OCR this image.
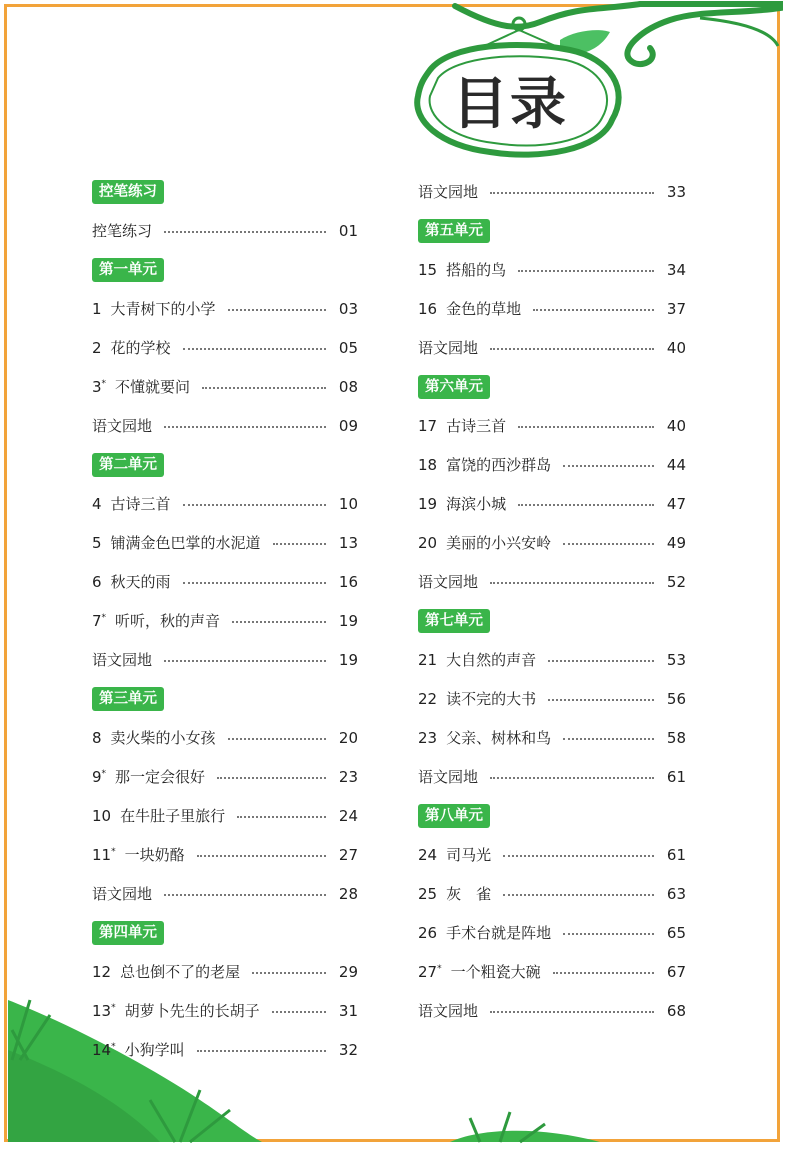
目录
控笔练习
控笔练习	01
第一单元
1 大青树下的小学	03
2 花的学校	05
3* 不懂就要问	08
语文园地	09
第二单元
4 古诗三首	10
5 铺满金色巴掌的水泥道	13
6 秋天的雨	16
7* 听听，秋的声音	19
语文园地	19
第三单元
8 卖火柴的小女孩	20
9* 那一定会很好	23
10 在牛肚子里旅行	24
11* 一块奶酪	27
语文园地	28
第四单元
12 总也倒不了的老屋	29
13* 胡萝卜先生的长胡子	31
14* 小狗学叫	32
语文园地	33
第五单元
15 搭船的鸟	34
16 金色的草地	37
语文园地	40
第六单元
17 古诗三首	40
18 富饶的西沙群岛	44
19 海滨小城	47
20 美丽的小兴安岭	49
语文园地	52
第七单元
21 大自然的声音	53
22 读不完的大书	56
23 父亲、树林和鸟	58
语文园地	61
第八单元
24 司马光	61
25 灰　雀	63
26 手术台就是阵地	65
27* 一个粗瓷大碗	67
语文园地	68
